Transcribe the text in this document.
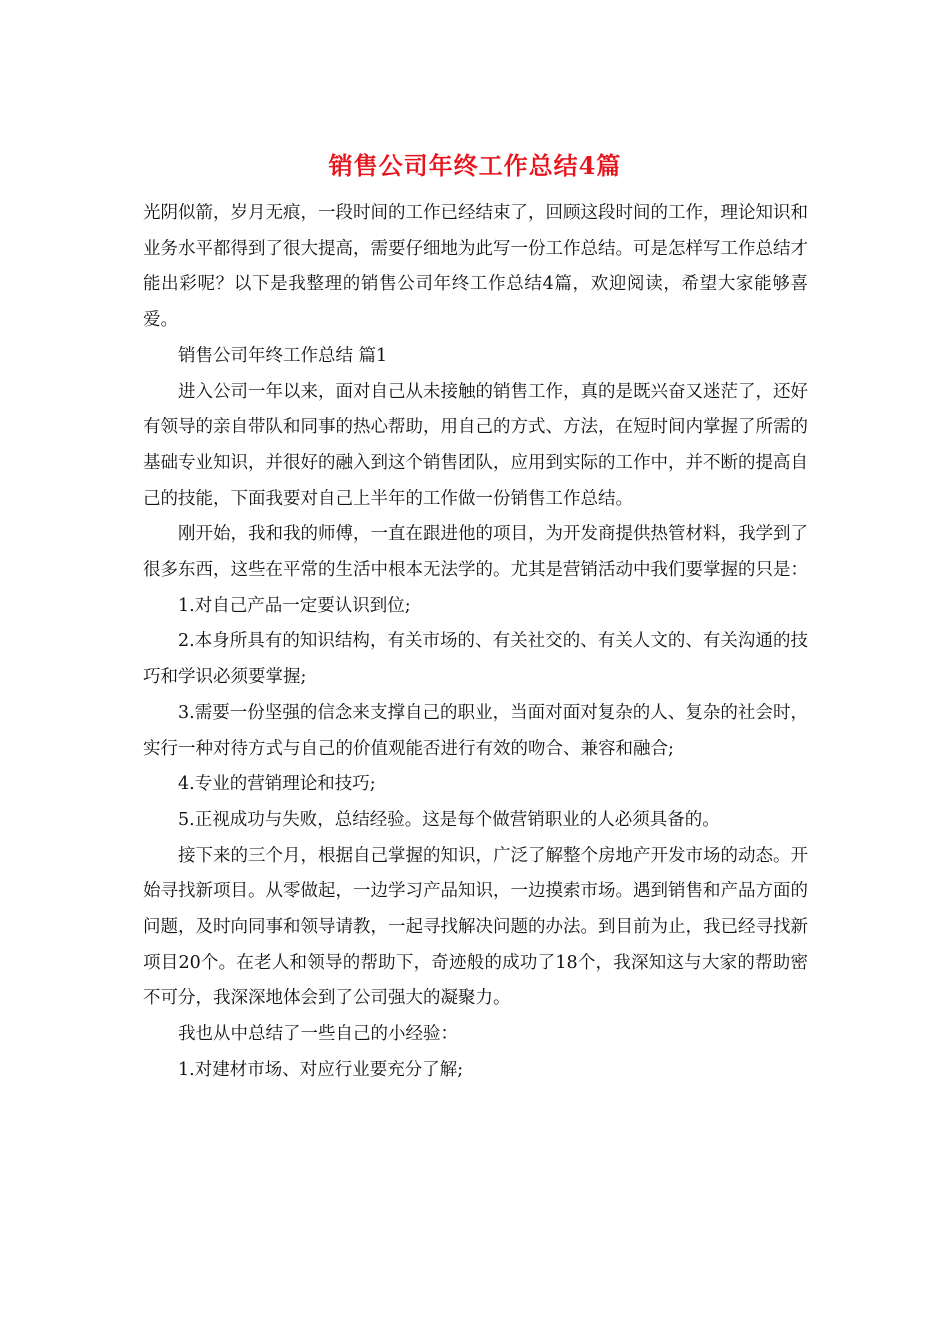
销售公司年终工作总结4篇

光阴似箭，岁月无痕，一段时间的工作已经结束了，回顾这段时间的工作，理论知识和业务水平都得到了很大提高，需要仔细地为此写一份工作总结。可是怎样写工作总结才能出彩呢？以下是我整理的销售公司年终工作总结4篇，欢迎阅读，希望大家能够喜爱。

销售公司年终工作总结 篇1

进入公司一年以来，面对自己从未接触的销售工作，真的是既兴奋又迷茫了，还好有领导的亲自带队和同事的热心帮助，用自己的方式、方法，在短时间内掌握了所需的基础专业知识，并很好的融入到这个销售团队，应用到实际的工作中，并不断的提高自己的技能，下面我要对自己上半年的工作做一份销售工作总结。

刚开始，我和我的师傅，一直在跟进他的项目，为开发商提供热管材料，我学到了很多东西，这些在平常的生活中根本无法学的。尤其是营销活动中我们要掌握的只是：

1.对自己产品一定要认识到位;

2.本身所具有的知识结构，有关市场的、有关社交的、有关人文的、有关沟通的技巧和学识必须要掌握;

3.需要一份坚强的信念来支撑自己的职业，当面对面对复杂的人、复杂的社会时，实行一种对待方式与自己的价值观能否进行有效的吻合、兼容和融合;

4.专业的营销理论和技巧;

5.正视成功与失败，总结经验。这是每个做营销职业的人必须具备的。

接下来的三个月，根据自己掌握的知识，广泛了解整个房地产开发市场的动态。开始寻找新项目。从零做起，一边学习产品知识，一边摸索市场。遇到销售和产品方面的问题，及时向同事和领导请教，一起寻找解决问题的办法。到目前为止，我已经寻找新项目20个。在老人和领导的帮助下，奇迹般的成功了18个，我深知这与大家的帮助密不可分，我深深地体会到了公司强大的凝聚力。

我也从中总结了一些自己的小经验：

1.对建材市场、对应行业要充分了解;
